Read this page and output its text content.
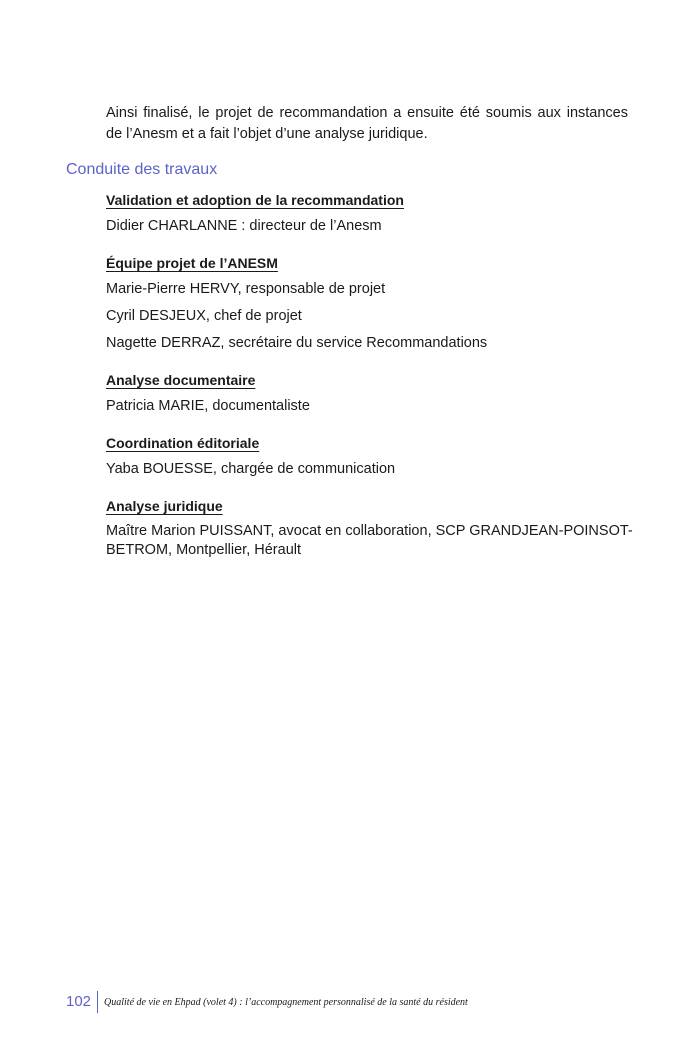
Ainsi finalisé, le projet de recommandation a ensuite été soumis aux instances de l’Anesm et a fait l’objet d’une analyse juridique.

Conduite des travaux

Validation et adoption de la recommandation

Didier CHARLANNE : directeur de l’Anesm

Équipe projet de l’ANESM

Marie-Pierre HERVY, responsable de projet

Cyril DESJEUX, chef de projet

Nagette DERRAZ, secrétaire du service Recommandations

Analyse documentaire

Patricia MARIE, documentaliste

Coordination éditoriale

Yaba BOUESSE, chargée de communication

Analyse juridique

Maître Marion PUISSANT, avocat en collaboration, SCP GRANDJEAN-POINSOT-BETROM, Montpellier, Hérault

102	Qualité de vie en Ehpad (volet 4) : l’accompagnement personnalisé de la santé du résident
